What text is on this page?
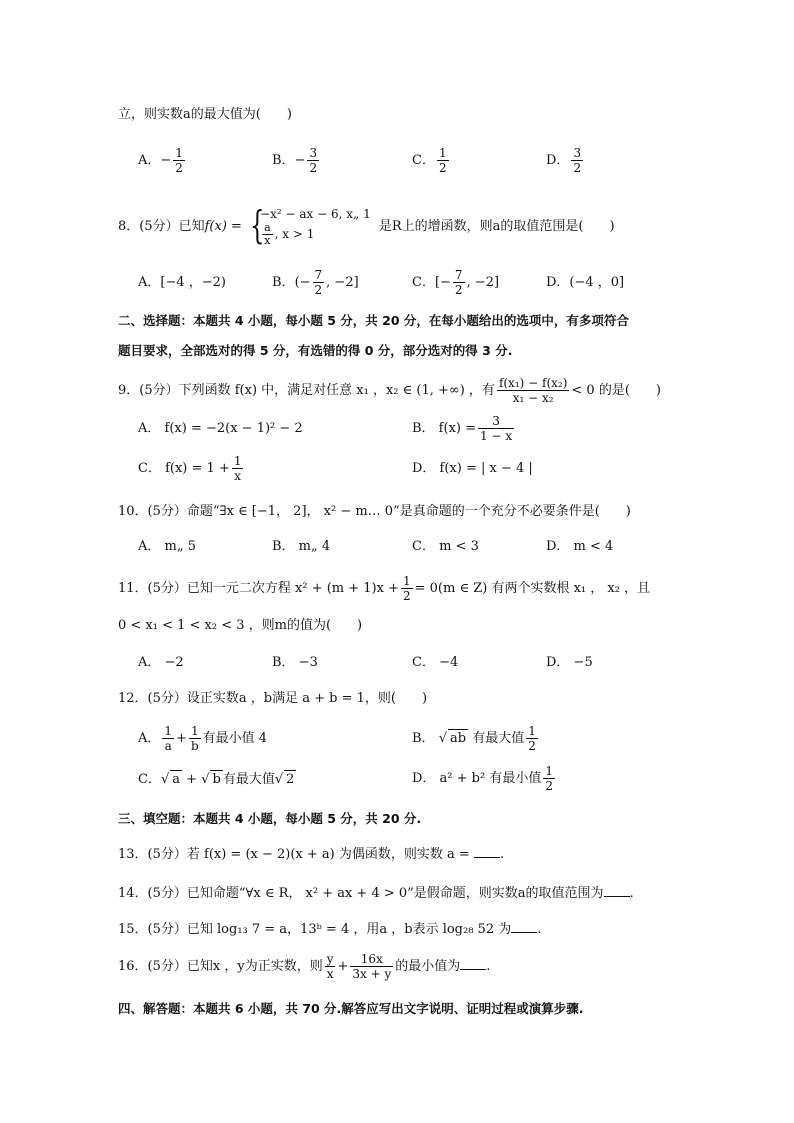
立，则实数a的最大值为(　　)
A．− $\frac{1}{2}$	B．− $\frac{3}{2}$	C． $\frac{1}{2}$	D． $\frac{3}{2}$
8．(5分）已知f(x) = {
−x² − ax − 6, x„ 1
$\frac{a}{x}$ , x > 1	是R上的增函数，则a的取值范围是(　　)
A．[−4 ，−2)	B．(− $\frac{7}{2}$ , −2]	C．[− $\frac{7}{2}$ , −2]	D．(−4 ，0]
二、选择题：本题共 4 小题，每小题 5 分，共 20 分，在每小题给出的选项中，有多项符合
题目要求，全部选对的得 5 分，有选错的得 0 分，部分选对的得 3 分.
9．(5分）下列函数 f(x) 中，满足对任意 x₁ ，x₂ ∈ (1, +∞) ，有 $\frac{\text{f(x₁) − f(x₂)}}{\text{x₁ − x₂}} < 0$ 的是(　　)
A． f(x) = −2(x − 1)² − 2	B． $f(x) = \frac{3}{1 - x}$
C． $f(x) = 1 + \frac{1}{x}$	D． f(x) = | x − 4 |
10．(5分）命题“∃x ∈ [−1， 2]， x² − m… 0”是真命题的一个充分不必要条件是(　　)
A． m„ 5	B． m„ 4	C． m < 3	D． m < 4
11．(5分）已知一元二次方程 $x^2 + (m + 1)x + \frac{1}{2} = 0(m$ ∈ Z) 有两个实数根 x₁ ， x₂ ，且
0 < x₁ < 1 < x₂ < 3 ，则m的值为(　　)
A． −2	B． −3	C． −4	D． −5
12．(5分）设正实数a ，b满足 a + b = 1，则(　　)
A． $\frac{1}{a} + \frac{1}{b}$ 有最小值 4	B． √ ab 有最大值 $\frac{1}{2}$
C．√ a + √ b 有最大值√ 2	D． a² + b² 有最小值 $\frac{1}{2}$
三、填空题：本题共 4 小题，每小题 5 分，共 20 分.
13．(5分）若 f(x) = (x − 2)(x + a) 为偶函数，则实数 a = .
14．(5分）已知命题“∀x ∈ R， x² + ax + 4 > 0”是假命题，则实数a的取值范围为 .
15．(5分）已知 log₁₃ 7 = a，13ᵇ = 4 ，用a ，b表示 log₂₈ 52 为 .
16．(5分）已知x ，y为正实数，则 $\frac{y}{x} + \frac{16x}{3x + y}$ 的最小值为 .
四、解答题：本题共 6 小题，共 70 分.解答应写出文字说明、证明过程或演算步骤.
